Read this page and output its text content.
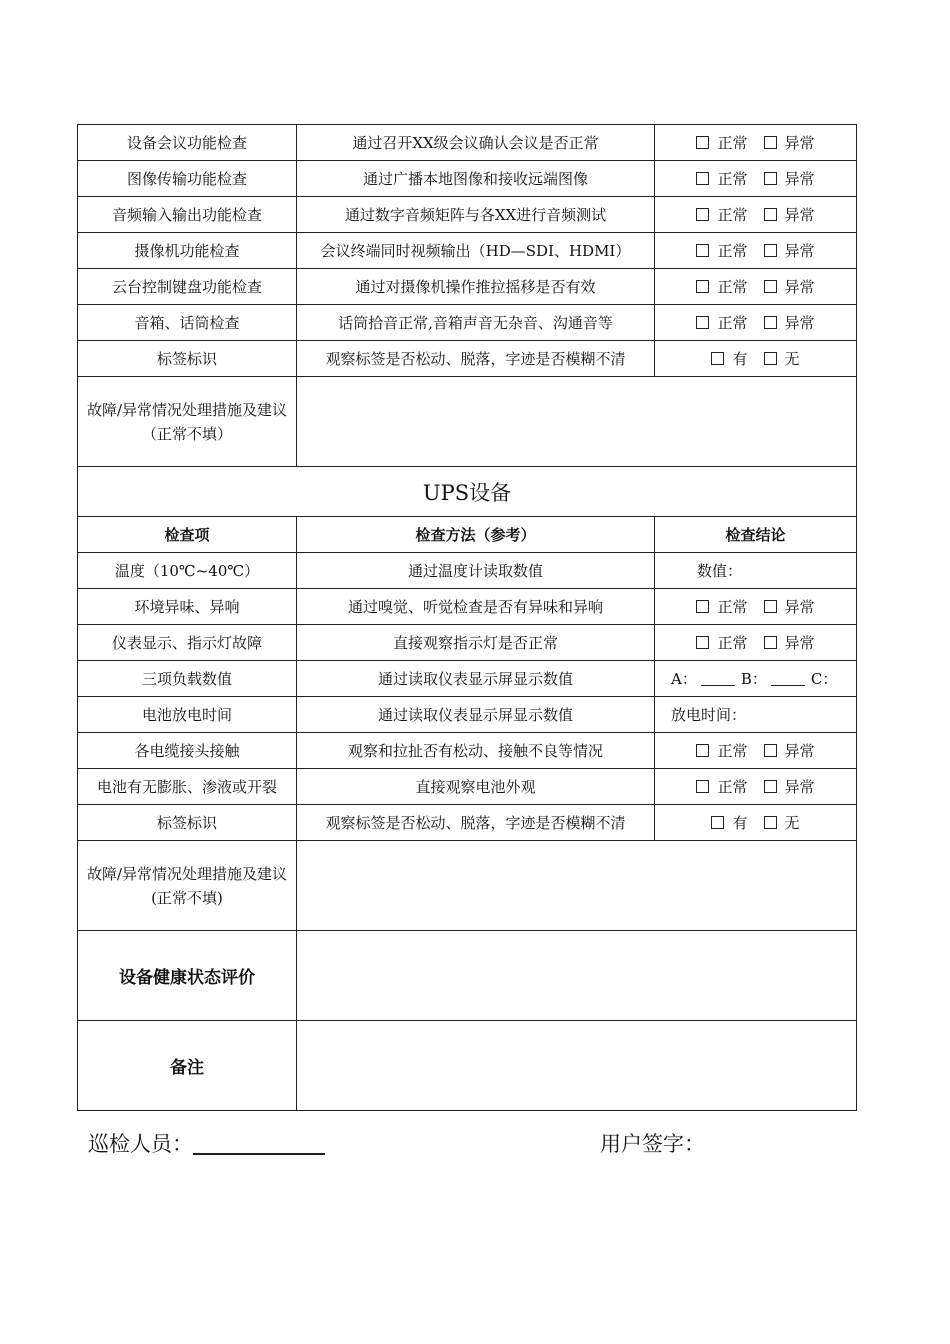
设备会议功能检查	通过召开XX级会议确认会议是否正常	正常 异常
图像传输功能检查	通过广播本地图像和接收远端图像	正常 异常
音频输入输出功能检查	通过数字音频矩阵与各XX进行音频测试	正常 异常
摄像机功能检查	会议终端同时视频输出（HD—SDI、HDMI）	正常 异常
云台控制键盘功能检查	通过对摄像机操作推拉摇移是否有效	正常 异常
音箱、话筒检查	话筒拾音正常,音箱声音无杂音、沟通音等	正常 异常
标签标识	观察标签是否松动、脱落，字迹是否模糊不清	有 无
故障/异常情况处理措施及建议（正常不填）		
UPS设备		
检查项	检查方法（参考）	检查结论
温度（10℃~40℃）	通过温度计读取数值	数值：
环境异味、异响	通过嗅觉、听觉检查是否有异味和异响	正常 异常
仪表显示、指示灯故障	直接观察指示灯是否正常	正常 异常
三项负载数值	通过读取仪表显示屏显示数值	A： B： C：
电池放电时间	通过读取仪表显示屏显示数值	放电时间：
各电缆接头接触	观察和拉扯否有松动、接触不良等情况	正常 异常
电池有无膨胀、渗液或开裂	直接观察电池外观	正常 异常
标签标识	观察标签是否松动、脱落，字迹是否模糊不清	有 无
故障/异常情况处理措施及建议(正常不填)		
设备健康状态评价		
备注		
巡检人员：	用户签字：
